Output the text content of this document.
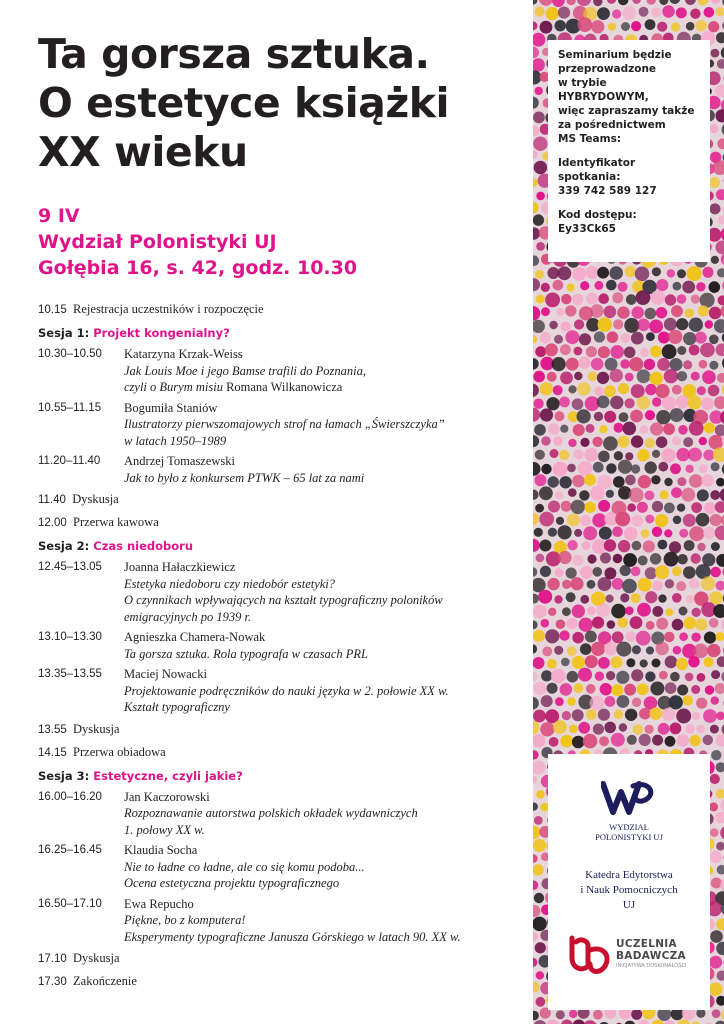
Ta gorsza sztuka.
O estetyce książki
XX wieku
9 IV
Wydział Polonistyki UJ
Gołębia 16, s. 42, godz. 10.30
10.15 Rejestracja uczestników i rozpoczęcie
Sesja 1: Projekt kongenialny?
10.30–10.50	Katarzyna Krzak-Weiss
Jak Louis Moe i jego Bamse trafili do Poznania,
czyli o Burym misiu Romana Wilkanowicza
10.55–11.15	Bogumiła Staniów
Ilustratorzy pierwszomajowych strof na łamach „Świerszczyka”
w latach 1950–1989
11.20–11.40	Andrzej Tomaszewski
Jak to było z konkursem PTWK – 65 lat za nami
11.40 Dyskusja
12.00 Przerwa kawowa
Sesja 2: Czas niedoboru
12.45–13.05	Joanna Hałaczkiewicz
Estetyka niedoboru czy niedobór estetyki?
O czynnikach wpływających na kształt typograficzny poloników
emigracyjnych po 1939 r.
13.10–13.30	Agnieszka Chamera-Nowak
Ta gorsza sztuka. Rola typografa w czasach PRL
13.35–13.55	Maciej Nowacki
Projektowanie podręczników do nauki języka w 2. połowie XX w.
Kształt typograficzny
13.55 Dyskusja
14.15 Przerwa obiadowa
Sesja 3: Estetyczne, czyli jakie?
16.00–16.20	Jan Kaczorowski
Rozpoznawanie autorstwa polskich okładek wydawniczych
1. połowy XX w.
16.25–16.45	Klaudia Socha
Nie to ładne co ładne, ale co się komu podoba...
Ocena estetyczna projektu typograficznego
16.50–17.10	Ewa Repucho
Piękne, bo z komputera!
Eksperymenty typograficzne Janusza Górskiego w latach 90. XX w.
17.10 Dyskusja
17.30 Zakończenie

Seminarium będzie
przeprowadzone
w trybie
HYBRYDOWYM,
więc zapraszamy także
za pośrednictwem
MS Teams:

Identyfikator spotkania:
339 742 589 127

Kod dostępu:
Ey33Ck65

WYDZIAŁ
POLONISTYKI UJ
Katedra Edytorstwa
i Nauk Pomocniczych
UJ
UCZELNIA
BADAWCZA
INICJATYWA DOSKONAŁOŚCI
